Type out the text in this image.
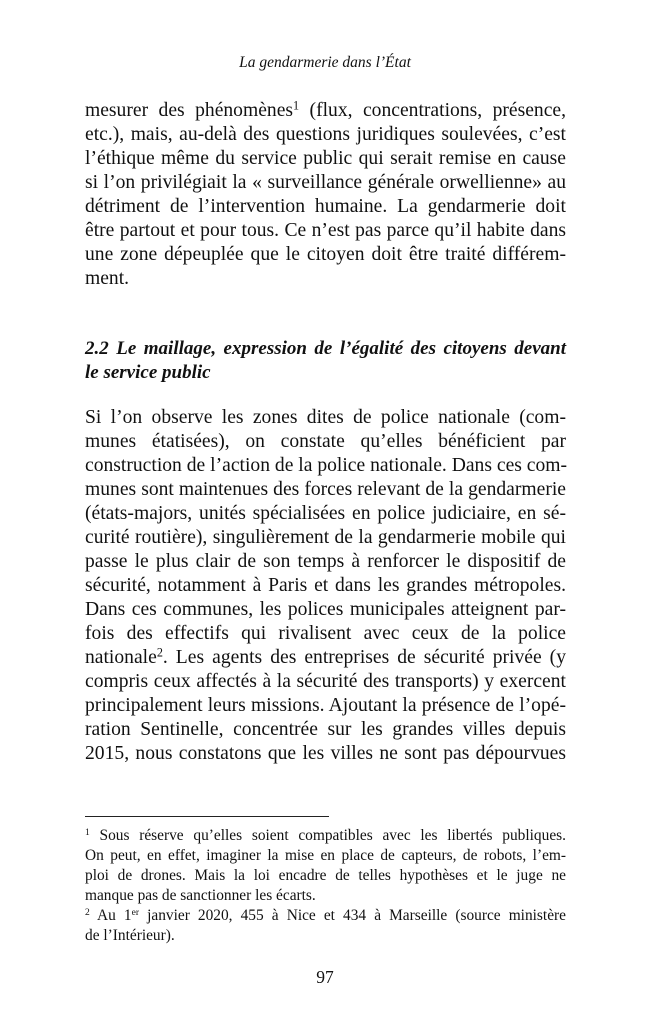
La gendarmerie dans l’État
mesurer des phénomènes$^1$ (flux, concentrations, présence,
etc.), mais, au-delà des questions juridiques soulevées, c’est
l’éthique même du service public qui serait remise en cause
si l’on privilégiait la « surveillance générale orwellienne» au
détriment de l’intervention humaine. La gendarmerie doit
être partout et pour tous. Ce n’est pas parce qu’il habite dans
une zone dépeuplée que le citoyen doit être traité différem-
ment.
2.2 Le maillage, expression de l’égalité des citoyens devant
le service public
Si l’on observe les zones dites de police nationale (com-
munes étatisées), on constate qu’elles bénéficient par
construction de l’action de la police nationale. Dans ces com-
munes sont maintenues des forces relevant de la gendarmerie
(états-majors, unités spécialisées en police judiciaire, en sé-
curité routière), singulièrement de la gendarmerie mobile qui
passe le plus clair de son temps à renforcer le dispositif de
sécurité, notamment à Paris et dans les grandes métropoles.
Dans ces communes, les polices municipales atteignent par-
fois des effectifs qui rivalisent avec ceux de la police
nationale$^2$. Les agents des entreprises de sécurité privée (y
compris ceux affectés à la sécurité des transports) y exercent
principalement leurs missions. Ajoutant la présence de l’opé-
ration Sentinelle, concentrée sur les grandes villes depuis
2015, nous constatons que les villes ne sont pas dépourvues
$^1$ Sous réserve qu’elles soient compatibles avec les libertés publiques.
On peut, en effet, imaginer la mise en place de capteurs, de robots, l’em-
ploi de drones. Mais la loi encadre de telles hypothèses et le juge ne
manque pas de sanctionner les écarts.
$^2$ Au 1er janvier 2020, 455 à Nice et 434 à Marseille (source ministère
de l’Intérieur).
97
